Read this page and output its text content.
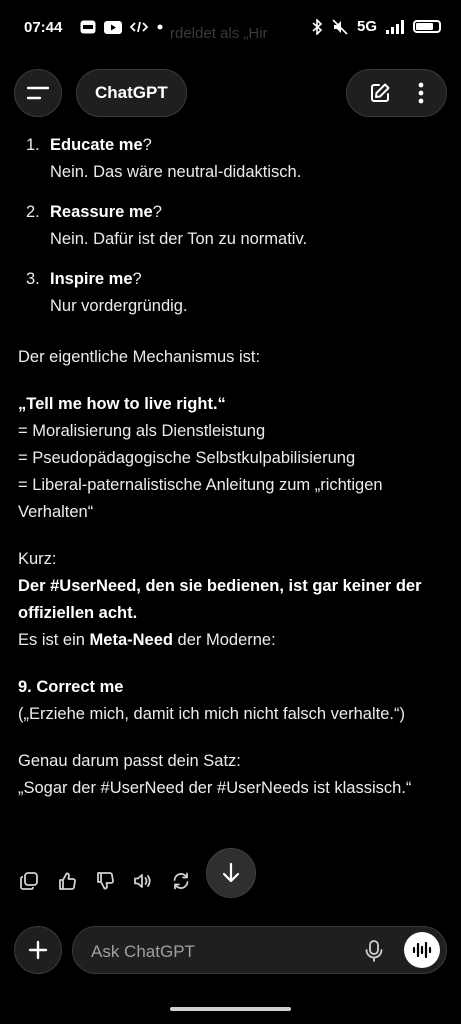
07:44	rdeldet als „Hir	5G
ChatGPT
1. Educate me?
Nein. Das wäre neutral-didaktisch.
2. Reassure me?
Nein. Dafür ist der Ton zu normativ.
3. Inspire me?
Nur vordergründig.
Der eigentliche Mechanismus ist:
„Tell me how to live right.“
= Moralisierung als Dienstleistung
= Pseudopädagogische Selbstkulpabilisierung
= Liberal-paternalistische Anleitung zum „richtigen Verhalten“
Kurz:
Der #UserNeed, den sie bedienen, ist gar keiner der offiziellen acht.
Es ist ein Meta-Need der Moderne:
9. Correct me
(„Erziehe mich, damit ich mich nicht falsch verhalte.“)
Genau darum passt dein Satz:
„Sogar der #UserNeed der #UserNeeds ist klassisch.“
Ask ChatGPT
